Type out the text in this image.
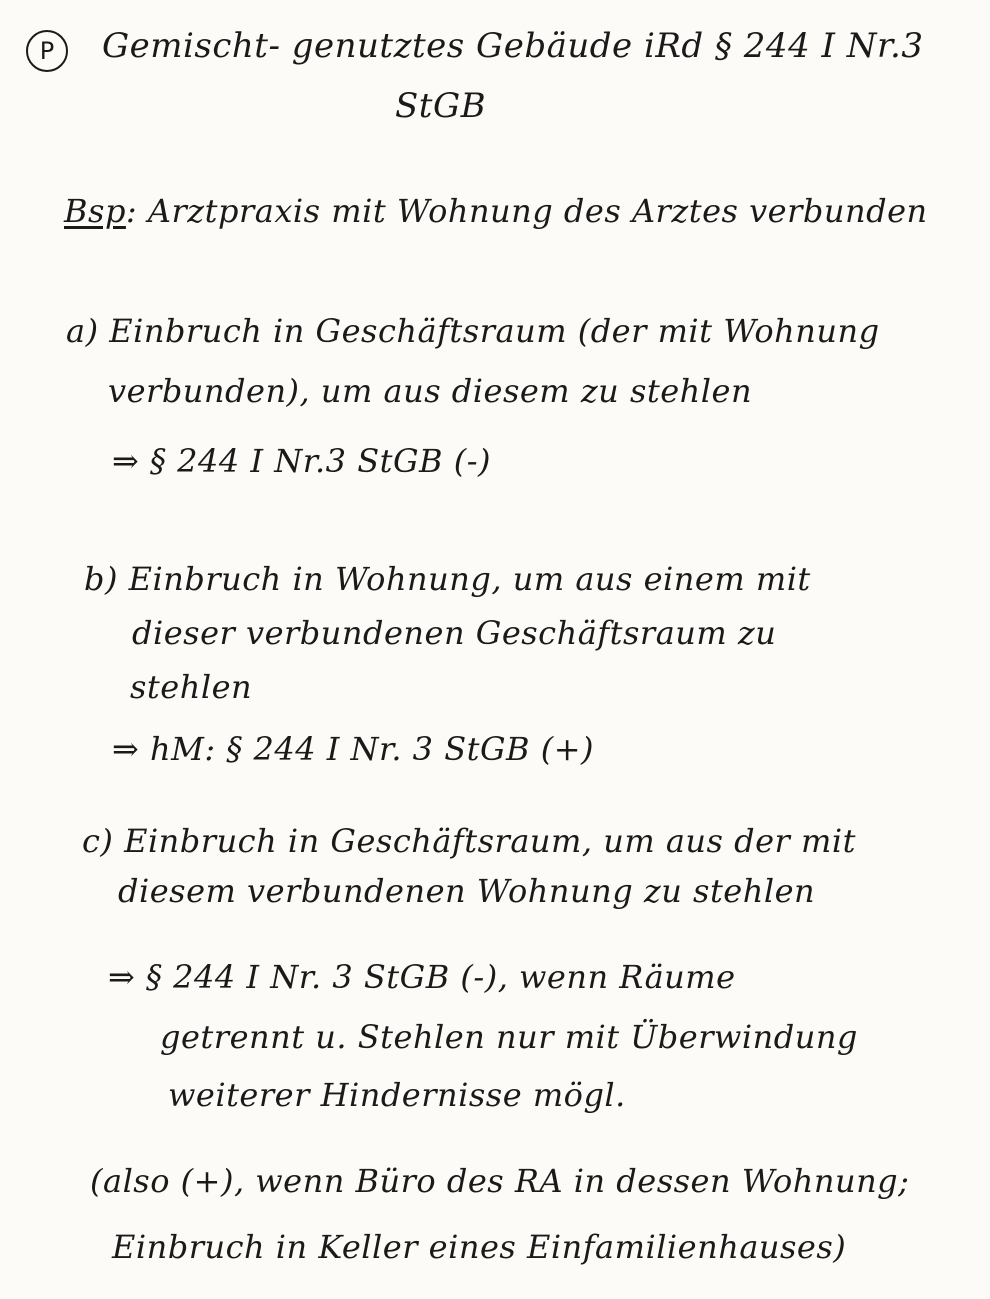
P Gemischt- genutztes Gebäude iRd § 244 I Nr.3
StGB
Bsp: Arztpraxis mit Wohnung des Arztes verbunden
a) Einbruch in Geschäftsraum (der mit Wohnung
verbunden), um aus diesem zu stehlen
⇒ § 244 I Nr.3 StGB (-)
b) Einbruch in Wohnung, um aus einem mit
dieser verbundenen Geschäftsraum zu
stehlen
⇒ hM: § 244 I Nr. 3 StGB (+)
c) Einbruch in Geschäftsraum, um aus der mit
diesem verbundenen Wohnung zu stehlen
⇒ § 244 I Nr. 3 StGB (-), wenn Räume
getrennt u. Stehlen nur mit Überwindung
weiterer Hindernisse mögl.
(also (+), wenn Büro des RA in dessen Wohnung;
Einbruch in Keller eines Einfamilienhauses)
